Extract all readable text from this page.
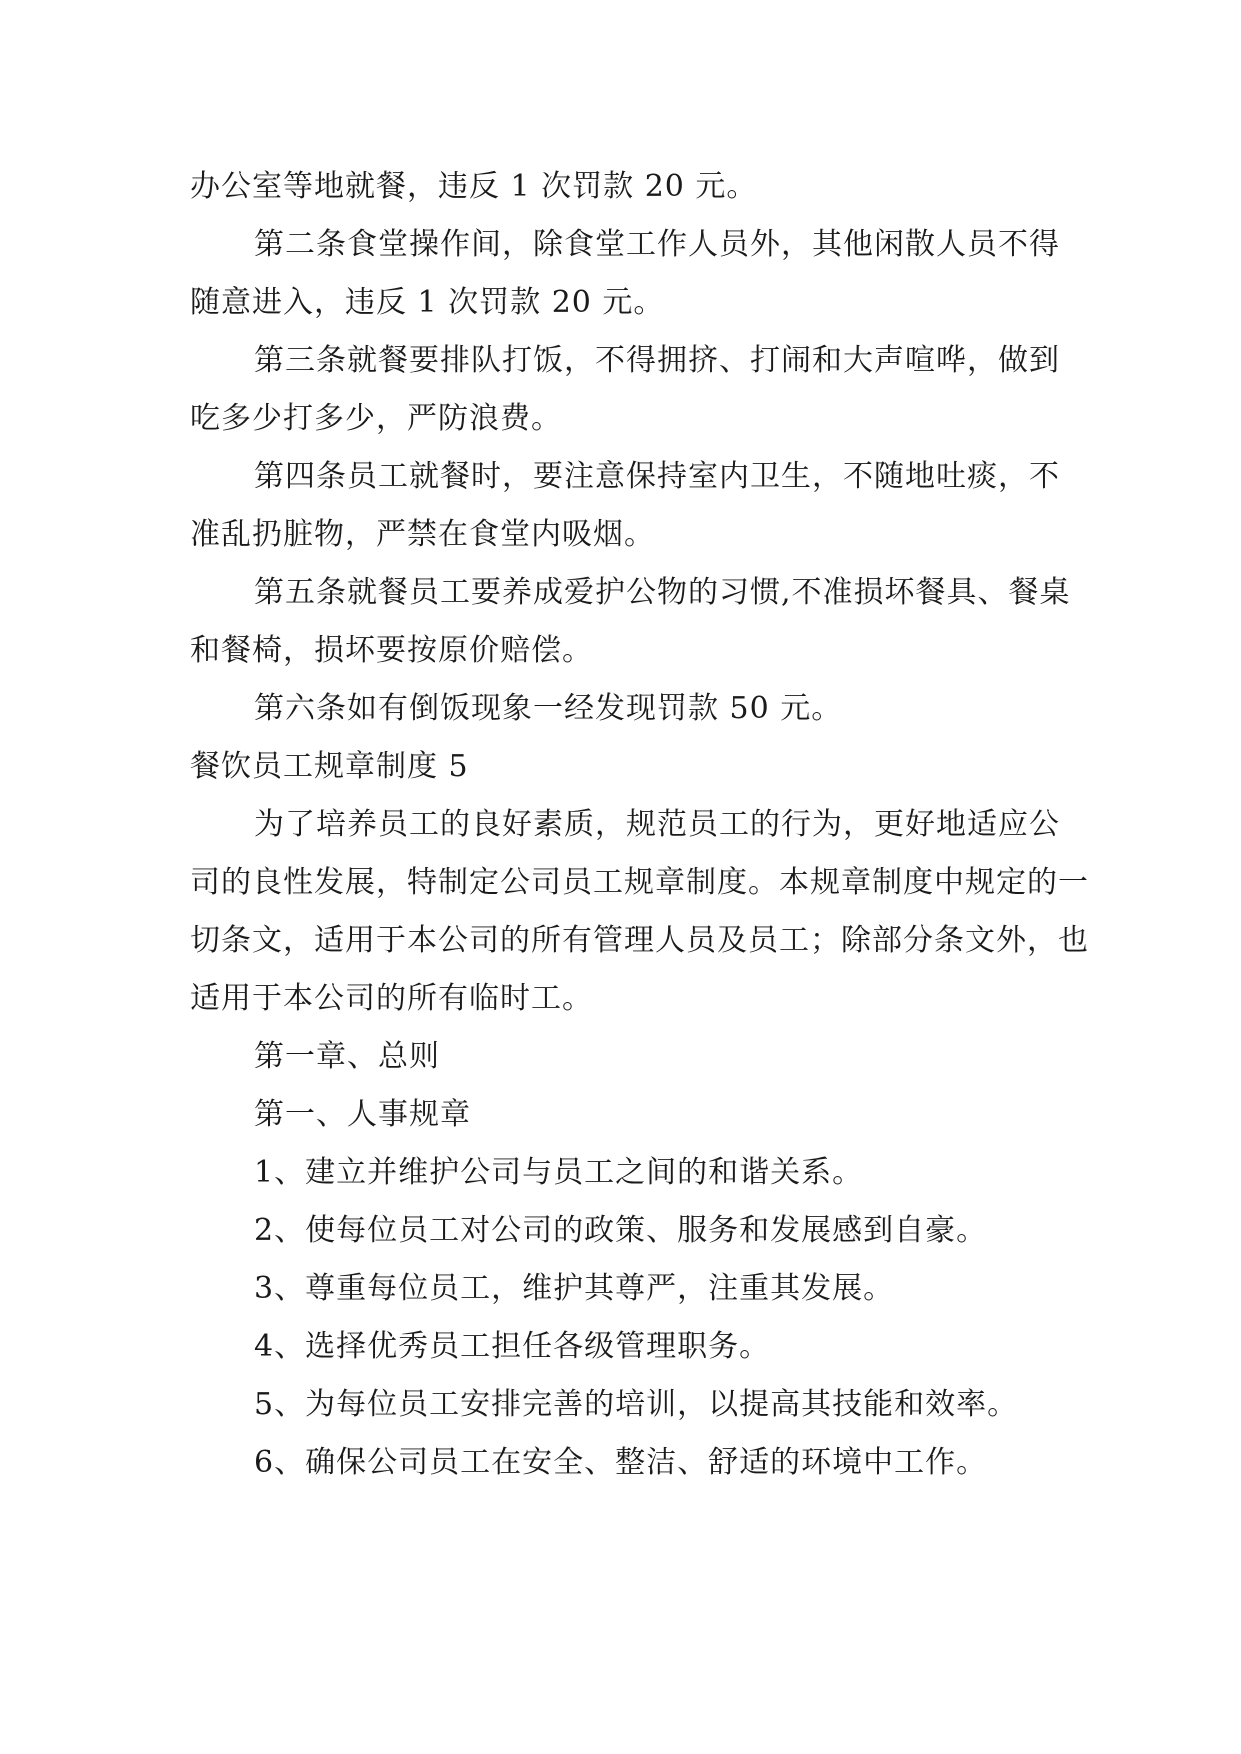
办公室等地就餐，违反 1 次罚款 20 元。

第二条食堂操作间，除食堂工作人员外，其他闲散人员不得随意进入，违反 1 次罚款 20 元。

第三条就餐要排队打饭，不得拥挤、打闹和大声喧哗，做到吃多少打多少，严防浪费。

第四条员工就餐时，要注意保持室内卫生，不随地吐痰，不准乱扔脏物，严禁在食堂内吸烟。

第五条就餐员工要养成爱护公物的习惯,不准损坏餐具、餐桌和餐椅，损坏要按原价赔偿。

第六条如有倒饭现象一经发现罚款 50 元。

餐饮员工规章制度 5

为了培养员工的良好素质，规范员工的行为，更好地适应公司的良性发展，特制定公司员工规章制度。本规章制度中规定的一切条文，适用于本公司的所有管理人员及员工；除部分条文外，也适用于本公司的所有临时工。

第一章、总则

第一、人事规章

1、建立并维护公司与员工之间的和谐关系。

2、使每位员工对公司的政策、服务和发展感到自豪。

3、尊重每位员工，维护其尊严，注重其发展。

4、选择优秀员工担任各级管理职务。

5、为每位员工安排完善的培训，以提高其技能和效率。

6、确保公司员工在安全、整洁、舒适的环境中工作。
